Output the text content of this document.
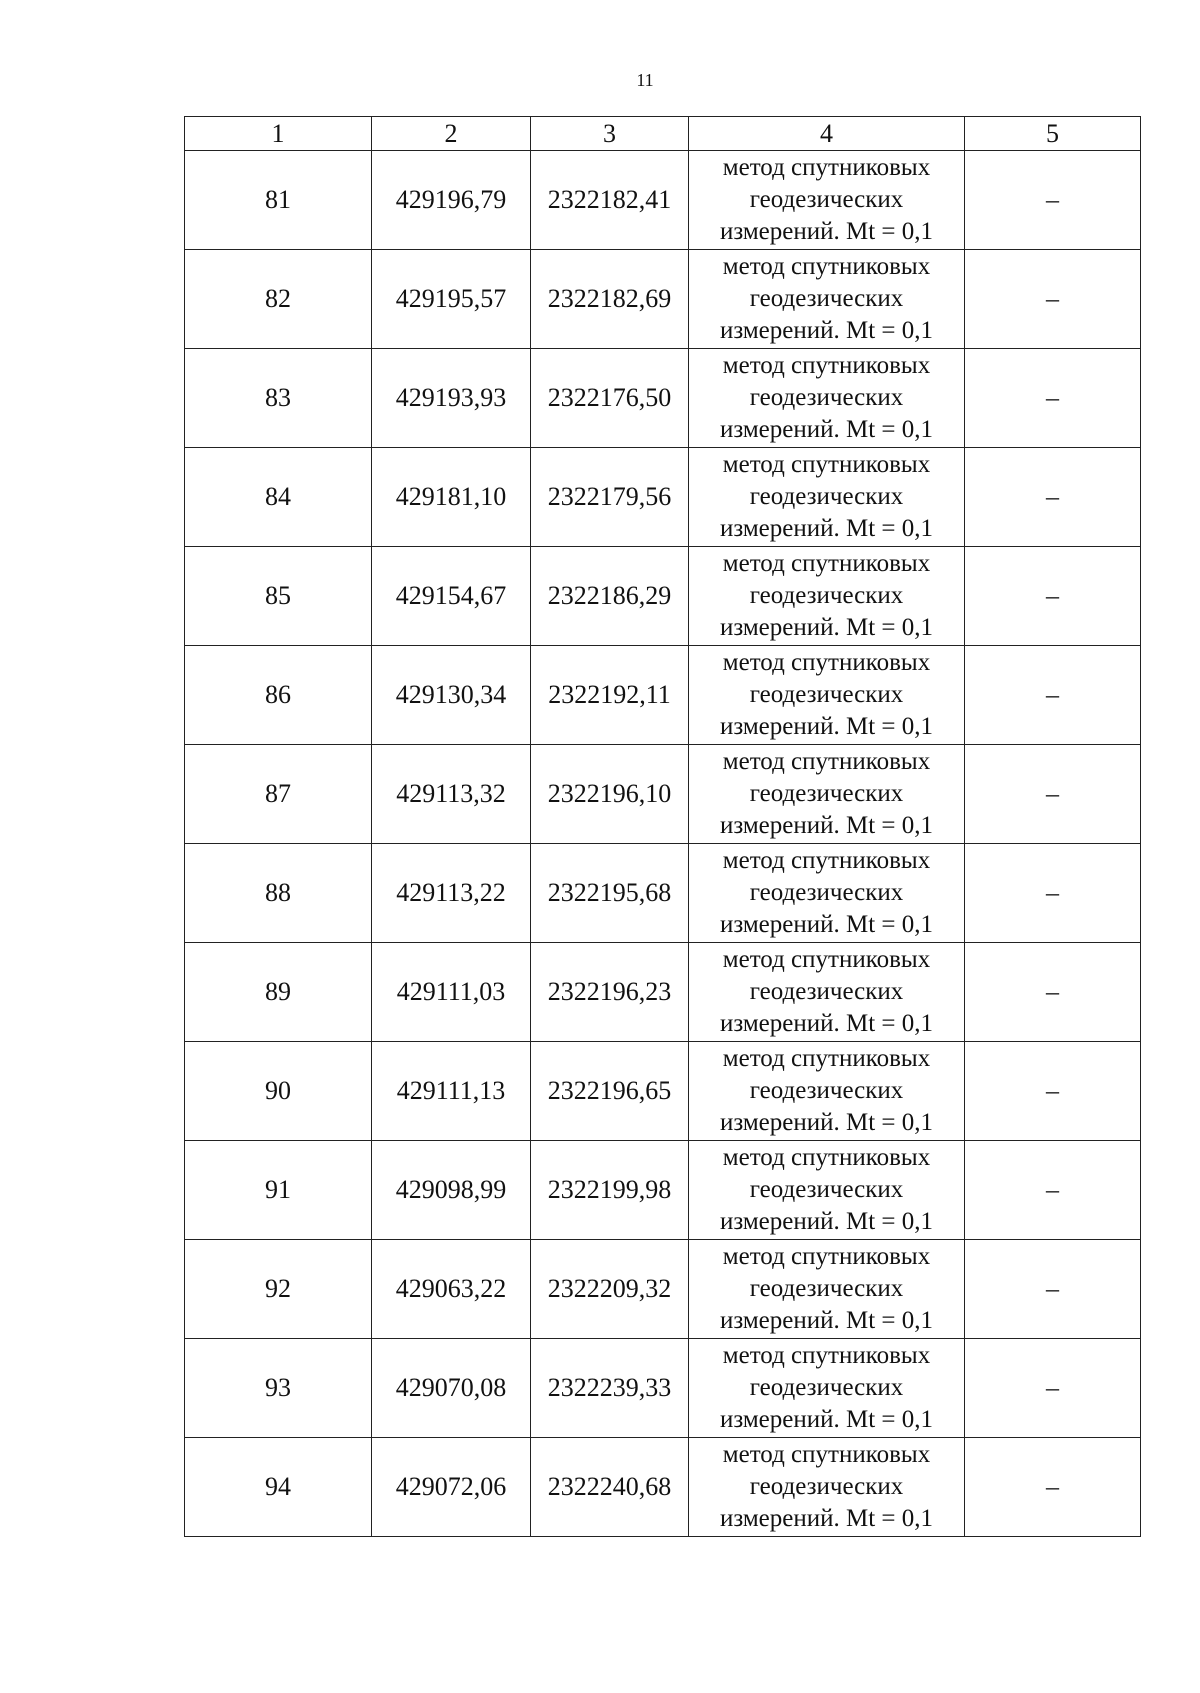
11
1	2	3	4	5
81	429196,79	2322182,41	метод спутниковых
геодезических
измерений. Mt = 0,1	–
82	429195,57	2322182,69	метод спутниковых
геодезических
измерений. Mt = 0,1	–
83	429193,93	2322176,50	метод спутниковых
геодезических
измерений. Mt = 0,1	–
84	429181,10	2322179,56	метод спутниковых
геодезических
измерений. Mt = 0,1	–
85	429154,67	2322186,29	метод спутниковых
геодезических
измерений. Mt = 0,1	–
86	429130,34	2322192,11	метод спутниковых
геодезических
измерений. Mt = 0,1	–
87	429113,32	2322196,10	метод спутниковых
геодезических
измерений. Mt = 0,1	–
88	429113,22	2322195,68	метод спутниковых
геодезических
измерений. Mt = 0,1	–
89	429111,03	2322196,23	метод спутниковых
геодезических
измерений. Mt = 0,1	–
90	429111,13	2322196,65	метод спутниковых
геодезических
измерений. Mt = 0,1	–
91	429098,99	2322199,98	метод спутниковых
геодезических
измерений. Mt = 0,1	–
92	429063,22	2322209,32	метод спутниковых
геодезических
измерений. Mt = 0,1	–
93	429070,08	2322239,33	метод спутниковых
геодезических
измерений. Mt = 0,1	–
94	429072,06	2322240,68	метод спутниковых
геодезических
измерений. Mt = 0,1	–
